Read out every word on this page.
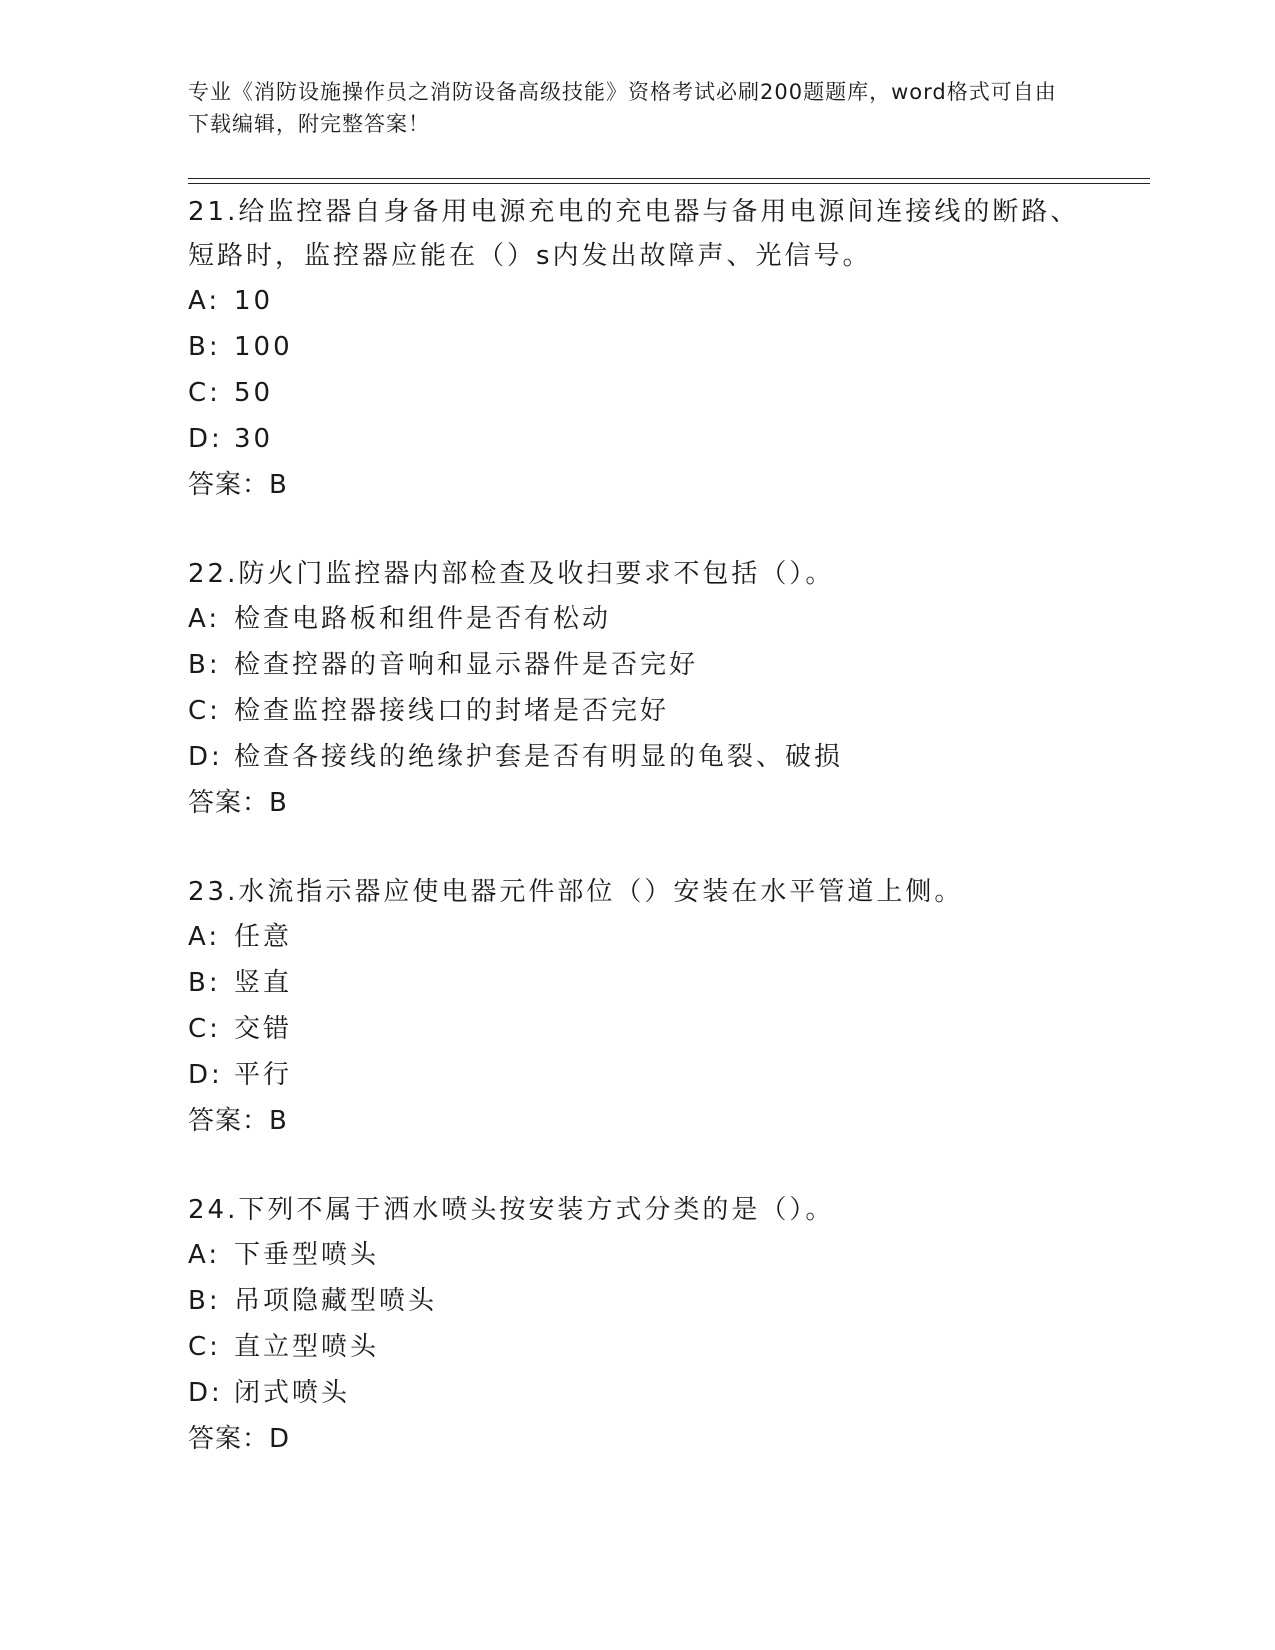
专业《消防设施操作员之消防设备高级技能》资格考试必刷200题题库，word格式可自由下载编辑，附完整答案！

21.给监控器自身备用电源充电的充电器与备用电源间连接线的断路、短路时，监控器应能在（）s内发出故障声、光信号。

A: 10
B: 100
C: 50
D: 30
答案：B

22.防火门监控器内部检查及收扫要求不包括（）。

A: 检查电路板和组件是否有松动
B: 检查控器的音响和显示器件是否完好
C: 检查监控器接线口的封堵是否完好
D: 检查各接线的绝缘护套是否有明显的龟裂、破损
答案：B

23.水流指示器应使电器元件部位（）安装在水平管道上侧。

A: 任意
B: 竖直
C: 交错
D: 平行
答案：B

24.下列不属于洒水喷头按安装方式分类的是（）。

A: 下垂型喷头
B: 吊项隐藏型喷头
C: 直立型喷头
D: 闭式喷头
答案：D
